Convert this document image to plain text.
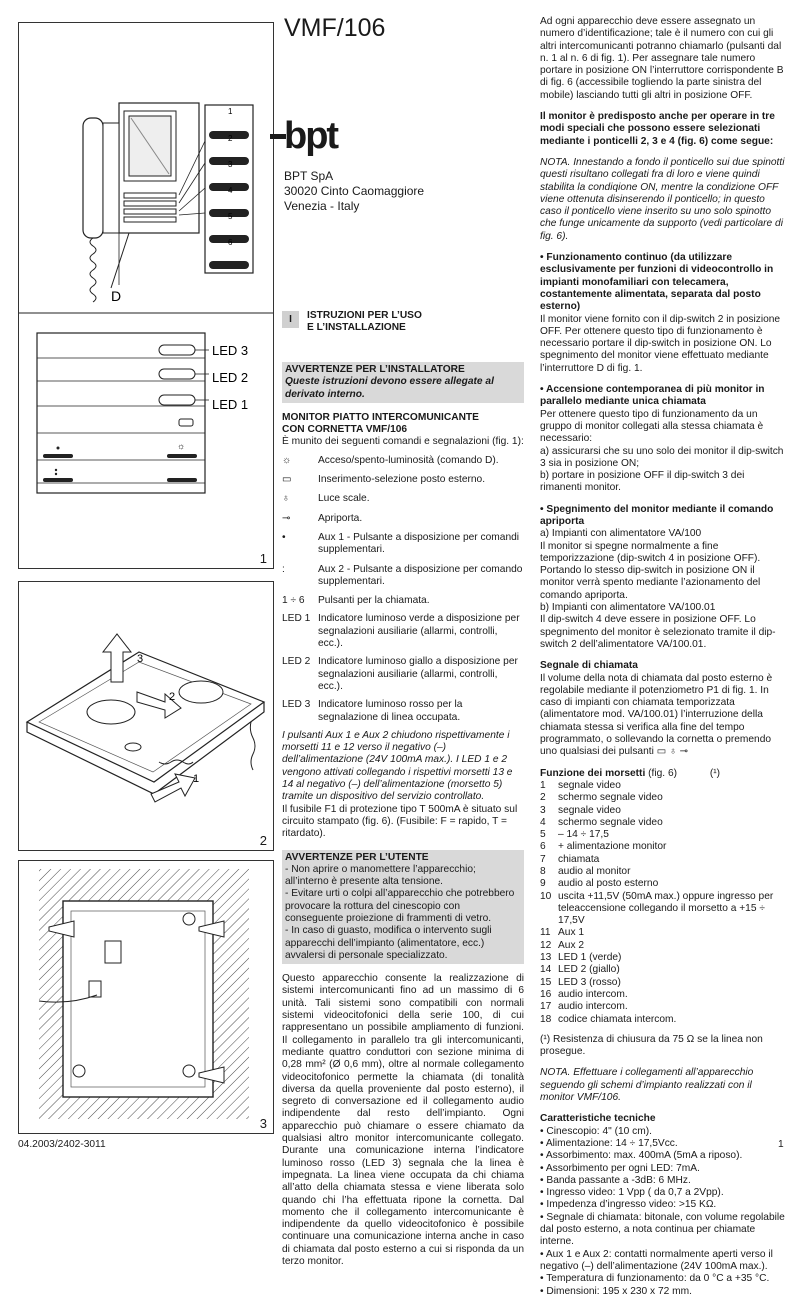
1
2
3
4
5
6
D
☼
LED 3
LED 2
LED 1
1
3
2
1
2
3
04.2003/2402-3011
VMF/106
bpt
BPT SpA
30020 Cinto Caomaggiore
Venezia - Italy
I	ISTRUZIONI PER L’USO
E L’INSTALLAZIONE
AVVERTENZE PER L’INSTALLATORE
Queste istruzioni devono essere allegate al derivato interno.
MONITOR PIATTO INTERCOMUNICANTE
CON CORNETTA VMF/106
È munito dei seguenti comandi e segnalazioni (fig. 1):
☼	Acceso/spento-luminosità (comando D).
▭	Inserimento-selezione posto esterno.
♁	Luce scale.
⊸	Apriporta.
•	Aux 1 - Pulsante a disposizione per comandi supplementari.
:	Aux 2 - Pulsante a disposizione per comando supplementari.
1 ÷ 6	Pulsanti per la chiamata.
LED 1 Indicatore luminoso verde a disposizione per segnalazioni ausiliarie (allarmi, controlli, ecc.).
LED 2 Indicatore luminoso giallo a disposizione per segnalazioni ausiliarie (allarmi, controlli, ecc.).
LED 3 Indicatore luminoso rosso per la segnalazione di linea occupata.

I pulsanti Aux 1 e Aux 2 chiudono rispettivamente i morsetti 11 e 12 verso il negativo (–) dell’alimentazione (24V 100mA max.). I LED 1 e 2 vengono attivati collegando i rispettivi morsetti 13 e 14 al negativo (–) dell’alimentazione (morsetto 5) tramite un dispositivo del servizio controllato.

Il fusibile F1 di protezione tipo T 500mA è situato sul circuito stampato (fig. 6). (Fusibile: F = rapido, T = ritardato).

AVVERTENZE PER L’UTENTE
- Non aprire o manomettere l’apparecchio; all’interno è presente alta tensione.
- Evitare urti o colpi all’apparecchio che potrebbero provocare la rottura del cinescopio con conseguente proiezione di frammenti di vetro.
- In caso di guasto, modifica o intervento sugli apparecchi dell’impianto (alimentatore, ecc.) avvalersi di personale specializzato.

Questo apparecchio consente la realizzazione di sistemi intercomunicanti fino ad un massimo di 6 unità. Tali sistemi sono compatibili con normali sistemi videocitofonici della serie 100, di cui rappresentano un possibile ampliamento di funzioni. Il collegamento in parallelo tra gli intercomunicanti, mediante quattro conduttori con sezione minima di 0,28 mm² (Ø 0,6 mm), oltre al normale collegamento videocitofonico permette la chiamata (di tonalità diversa da quella proveniente dal posto esterno), il segreto di conversazione ed il collegamento audio indipendente dal resto dell’impianto. Ogni apparecchio può chiamare o essere chiamato da qualsiasi altro monitor intercomunicante collegato. Durante una comunicazione interna l’indicatore luminoso rosso (LED 3) segnala che la linea è impegnata. La linea viene occupata da chi chiama all’atto della chiamata stessa e viene liberata solo quando chi l’ha effettuata ripone la cornetta. Dal momento che il collegamento intercomunicante è indipendente da quello videocitofonico è possibile continuare una comunicazione interna anche in caso di chiamata dal posto esterno a cui si risponda da un terzo monitor.

Ad ogni apparecchio deve essere assegnato un numero d’identificazione; tale è il numero con cui gli altri intercomunicanti potranno chiamarlo (pulsanti dal n. 1 al n. 6 di fig. 1). Per assegnare tale numero portare in posizione ON l’interruttore corrispondente B di fig. 6 (accessibile togliendo la parte sinistra del mobile) lasciando tutti gli altri in posizione OFF.

Il monitor è predisposto anche per operare in tre modi speciali che possono essere selezionati mediante i ponticelli 2, 3 e 4 (fig. 6) come segue:

NOTA. Innestando a fondo il ponticello sui due spinotti questi risultano collegati fra di loro e viene quindi stabilita la condiqione ON, mentre la condizione OFF viene ottenuta disinserendo il ponticello; in questo caso il ponticello viene inserito su uno solo spinotto che funge unicamente da supporto (vedi particolare di fig. 6).

• Funzionamento continuo (da utilizzare esclusivamente per funzioni di videocontrollo in impianti monofamiliari con telecamera, costantemente alimentata, separata dal posto esterno)

Il monitor viene fornito con il dip-switch 2 in posizione OFF. Per ottenere questo tipo di funzionamento è necessario portare il dip-switch in posizione ON. Lo spegnimento del monitor viene effettuato mediante l’interruttore D di fig. 1.

• Accensione contemporanea di più monitor in parallelo mediante unica chiamata
Per ottenere questo tipo di funzionamento da un gruppo di monitor collegati alla stessa chiamata è necessario:
a) assicurarsi che su uno solo dei monitor il dip-switch 3 sia in posizione ON;
b) portare in posizione OFF il dip-switch 3 dei rimanenti monitor.
• Spegnimento del monitor mediante il comando apriporta
a) Impianti con alimentatore VA/100
Il monitor si spegne normalmente a fine temporizzazione (dip-switch 4 in posizione OFF). Portando lo stesso dip-switch in posizione ON il monitor verrà spento mediante l’azionamento del comando apriporta.
b) Impianti con alimentatore VA/100.01
Il dip-switch 4 deve essere in posizione OFF. Lo spegnimento del monitor è selezionato tramite il dip-switch 2 dell’alimentatore VA/100.01.
Segnale di chiamata
Il volume della nota di chiamata dal posto esterno è regolabile mediante il potenziometro P1 di fig. 1. In caso di impianti con chiamata temporizzata (alimentatore mod. VA/100.01) l’interruzione della chiamata stessa si verifica alla fine del tempo programmato, o sollevando la cornetta o premendo uno qualsiasi dei pulsanti ▭ ♁ ⊸
Funzione dei morsetti (fig. 6)	(¹)
1	segnale video
2	schermo segnale video
3	segnale video
4	schermo segnale video
5	– 14 ÷ 17,5
6	+ alimentazione monitor
7	chiamata
8	audio al monitor
9	audio al posto esterno
10 uscita +11,5V (50mA max.) oppure ingresso per teleaccensione collegando il morsetto a +15 ÷ 17,5V
11 Aux 1
12 Aux 2
13 LED 1 (verde)
14 LED 2 (giallo)
15 LED 3 (rosso)
16 audio intercom.
17 audio intercom.
18 codice chiamata intercom.

(¹) Resistenza di chiusura da 75 Ω se la linea non prosegue.

NOTA. Effettuare i collegamenti all’apparecchio seguendo gli schemi d’impianto realizzati con il monitor VMF/106.

Caratteristiche tecniche
• Cinescopio: 4" (10 cm).
• Alimentazione: 14 ÷ 17,5Vcc.
• Assorbimento: max. 400mA (5mA a riposo).
• Assorbimento per ogni LED: 7mA.
• Banda passante a -3dB: 6 MHz.
• Ingresso video: 1 Vpp ( da 0,7 a 2Vpp).
• Impedenza d’ingresso video: >15 KΩ.
• Segnale di chiamata: bitonale, con volume regolabile dal posto esterno, a nota continua per chiamate interne.
• Aux 1 e Aux 2: contatti normalmente aperti verso il negativo (–) dell’alimentazione (24V 100mA max.).
• Temperatura di funzionamento: da 0 °C a +35 °C.
• Dimensioni: 195 x 230 x 72 mm.
1
